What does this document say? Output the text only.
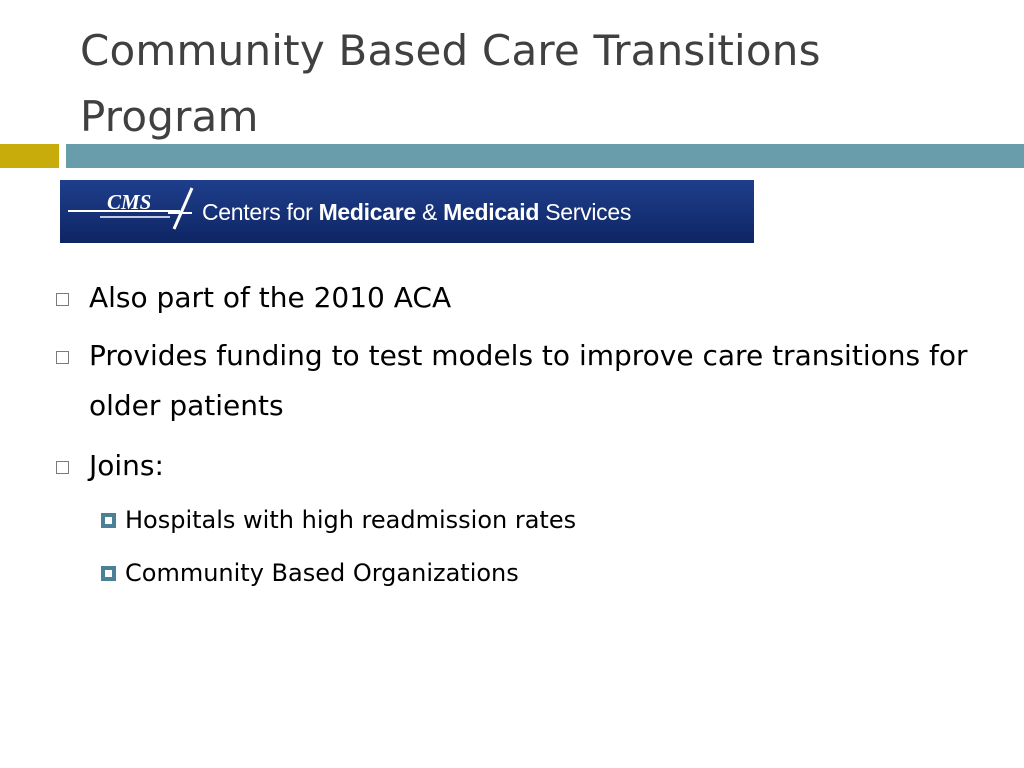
Community Based Care Transitions Program
CMS Centers for Medicare & Medicaid Services
Also part of the 2010 ACA
Provides funding to test models to improve care transitions for older patients
Joins:
Hospitals with high readmission rates
Community Based Organizations
